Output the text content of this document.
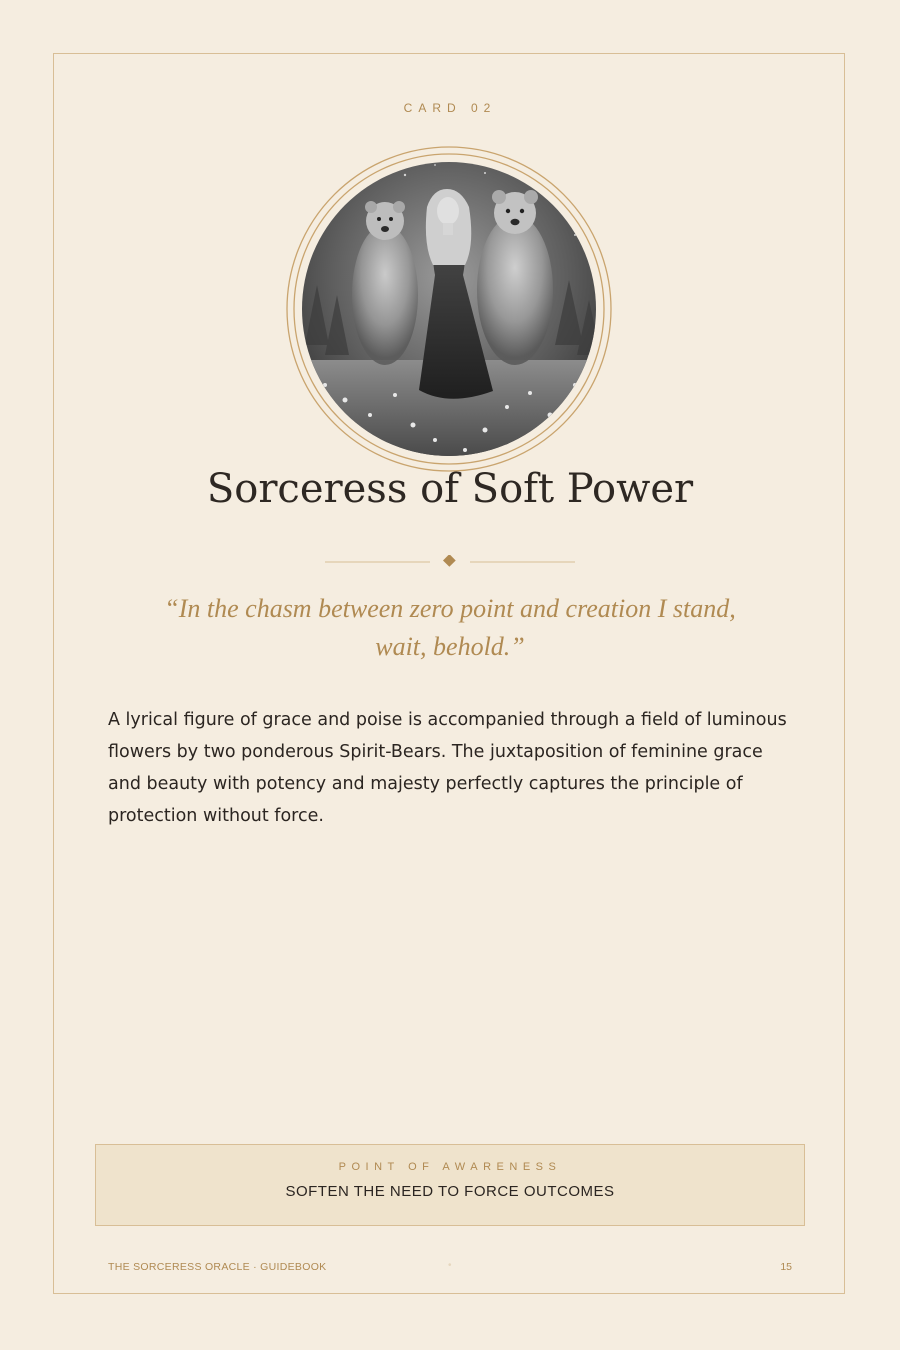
CARD 02
Sorceress of Soft Power
“In the chasm between zero point and creation I stand, wait, behold.”
A lyrical figure of grace and poise is accompanied through a field of luminous flowers by two ponderous Spirit-Bears. The juxtaposition of feminine grace and beauty with potency and majesty perfectly captures the principle of protection without force.
POINT OF AWARENESS
SOFTEN THE NEED TO FORCE OUTCOMES
THE SORCERESS ORACLE · GUIDEBOOK	•	15
